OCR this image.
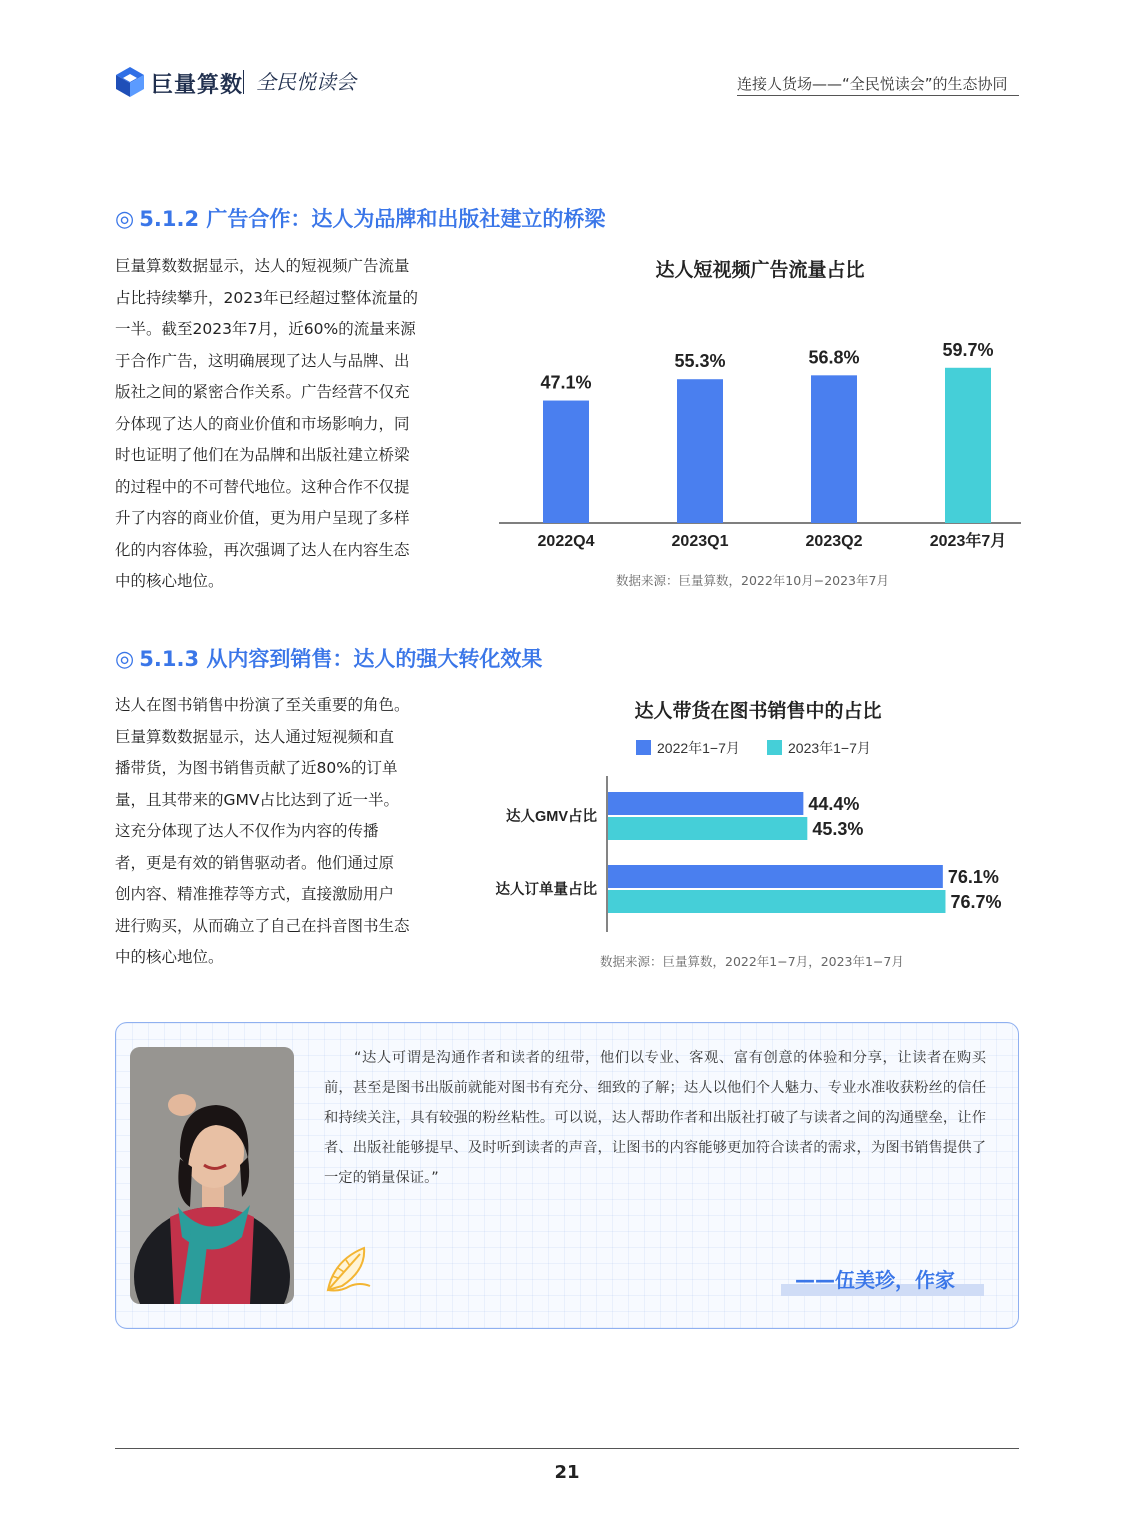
巨量算数 全民悦读会	连接人货场——“全民悦读会”的生态协同
◎ 5.1.2 广告合作：达人为品牌和出版社建立的桥梁
巨量算数数据显示，达人的短视频广告流量
占比持续攀升，2023年已经超过整体流量的
一半。截至2023年7月，近60%的流量来源
于合作广告，这明确展现了达人与品牌、出
版社之间的紧密合作关系。广告经营不仅充
分体现了达人的商业价值和市场影响力，同
时也证明了他们在为品牌和出版社建立桥梁
的过程中的不可替代地位。这种合作不仅提
升了内容的商业价值，更为用户呈现了多样
化的内容体验，再次强调了达人在内容生态
中的核心地位。
达人短视频广告流量占比
47.1%
2022Q4
55.3%
2023Q1
56.8%
2023Q2
59.7%
2023年7月
数据来源：巨量算数，2022年10月−2023年7月
◎ 5.1.3 从内容到销售：达人的强大转化效果
达人在图书销售中扮演了至关重要的角色。
巨量算数数据显示，达人通过短视频和直
播带货，为图书销售贡献了近80%的订单
量，且其带来的GMV占比达到了近一半。
这充分体现了达人不仅作为内容的传播
者，更是有效的销售驱动者。他们通过原
创内容、精准推荐等方式，直接激励用户
进行购买，从而确立了自己在抖音图书生态
中的核心地位。
达人带货在图书销售中的占比
2022年1−7月	2023年1−7月
达人GMV占比
44.4%
45.3%
达人订单量占比
76.1%
76.7%
数据来源：巨量算数，2022年1−7月，2023年1−7月
“达人可谓是沟通作者和读者的纽带，他们以专业、客观、富有创意的体验和分享，让读者在购买前，甚至是图书出版前就能对图书有充分、细致的了解；达人以他们个人魅力、专业水准收获粉丝的信任和持续关注，具有较强的粉丝粘性。可以说，达人帮助作者和出版社打破了与读者之间的沟通壁垒，让作者、出版社能够提早、及时听到读者的声音，让图书的内容能够更加符合读者的需求，为图书销售提供了一定的销量保证。”
——伍美珍，作家
21
